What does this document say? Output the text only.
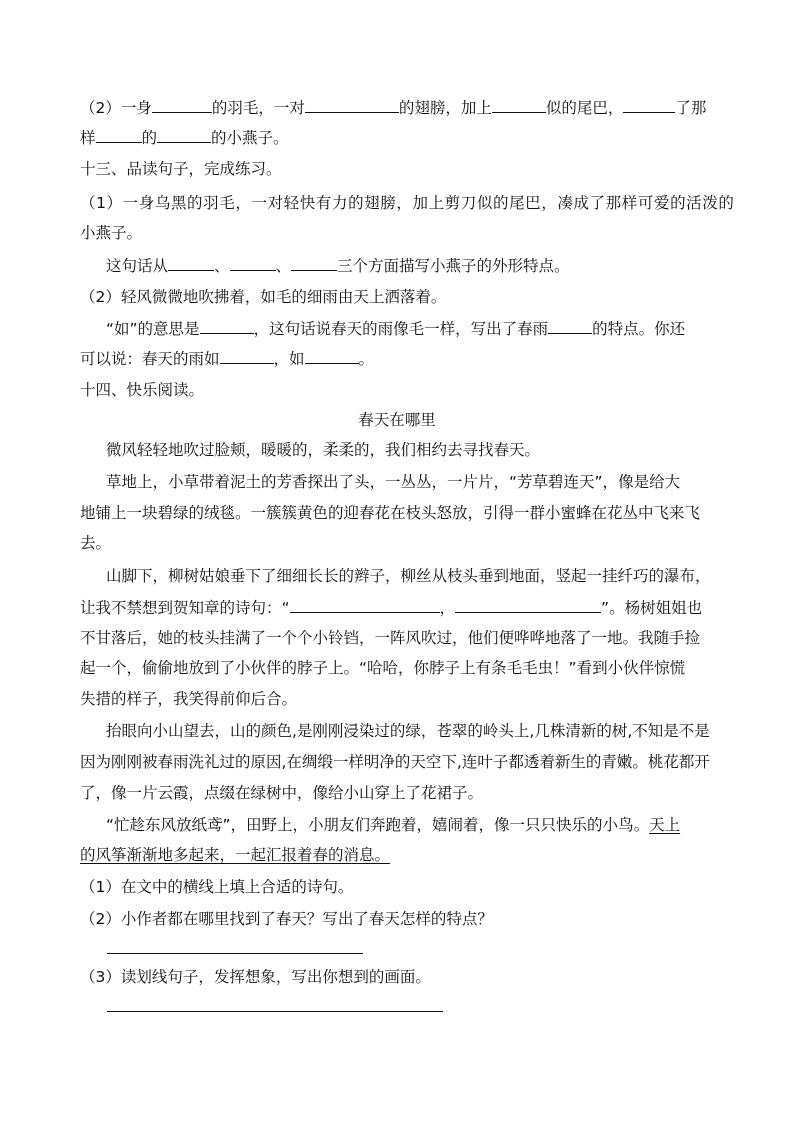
（2）一身	的羽毛，一对	的翅膀，加上	似的尾巴，	了那
样	的	的小燕子。
十三、品读句子，完成练习。
（1）一身乌黑的羽毛，一对轻快有力的翅膀，加上剪刀似的尾巴，凑成了那样可爱的活泼的
小燕子。
这句话从	、	、	三个方面描写小燕子的外形特点。
（2）轻风微微地吹拂着，如毛的细雨由天上洒落着。
“如”的意思是	，这句话说春天的雨像毛一样，写出了春雨	的特点。你还
可以说：春天的雨如	，如	。
十四、快乐阅读。
春天在哪里
微风轻轻地吹过脸颊，暖暖的，柔柔的，我们相约去寻找春天。
草地上，小草带着泥土的芳香探出了头，一丛丛，一片片，“芳草碧连天”，像是给大
地铺上一块碧绿的绒毯。一簇簇黄色的迎春花在枝头怒放，引得一群小蜜蜂在花丛中飞来飞
去。
山脚下，柳树姑娘垂下了细细长长的辫子，柳丝从枝头垂到地面，竖起一挂纤巧的瀑布，
让我不禁想到贺知章的诗句：“	，	”。杨树姐姐也
不甘落后，她的枝头挂满了一个个小铃铛，一阵风吹过，他们便哗哗地落了一地。我随手捡
起一个，偷偷地放到了小伙伴的脖子上。“哈哈，你脖子上有条毛毛虫！”看到小伙伴惊慌
失措的样子，我笑得前仰后合。
抬眼向小山望去，山的颜色,是刚刚浸染过的绿，苍翠的岭头上,几株清新的树,不知是不是
因为刚刚被春雨洗礼过的原因,在绸缎一样明净的天空下,连叶子都透着新生的青嫩。桃花都开
了，像一片云霞，点缀在绿树中，像给小山穿上了花裙子。
“忙趁东风放纸鸢”，田野上，小朋友们奔跑着，嬉闹着，像一只只快乐的小鸟。天上
的风筝渐渐地多起来，一起汇报着春的消息。
（1）在文中的横线上填上合适的诗句。
（2）小作者都在哪里找到了春天？写出了春天怎样的特点？
（3）读划线句子，发挥想象，写出你想到的画面。
